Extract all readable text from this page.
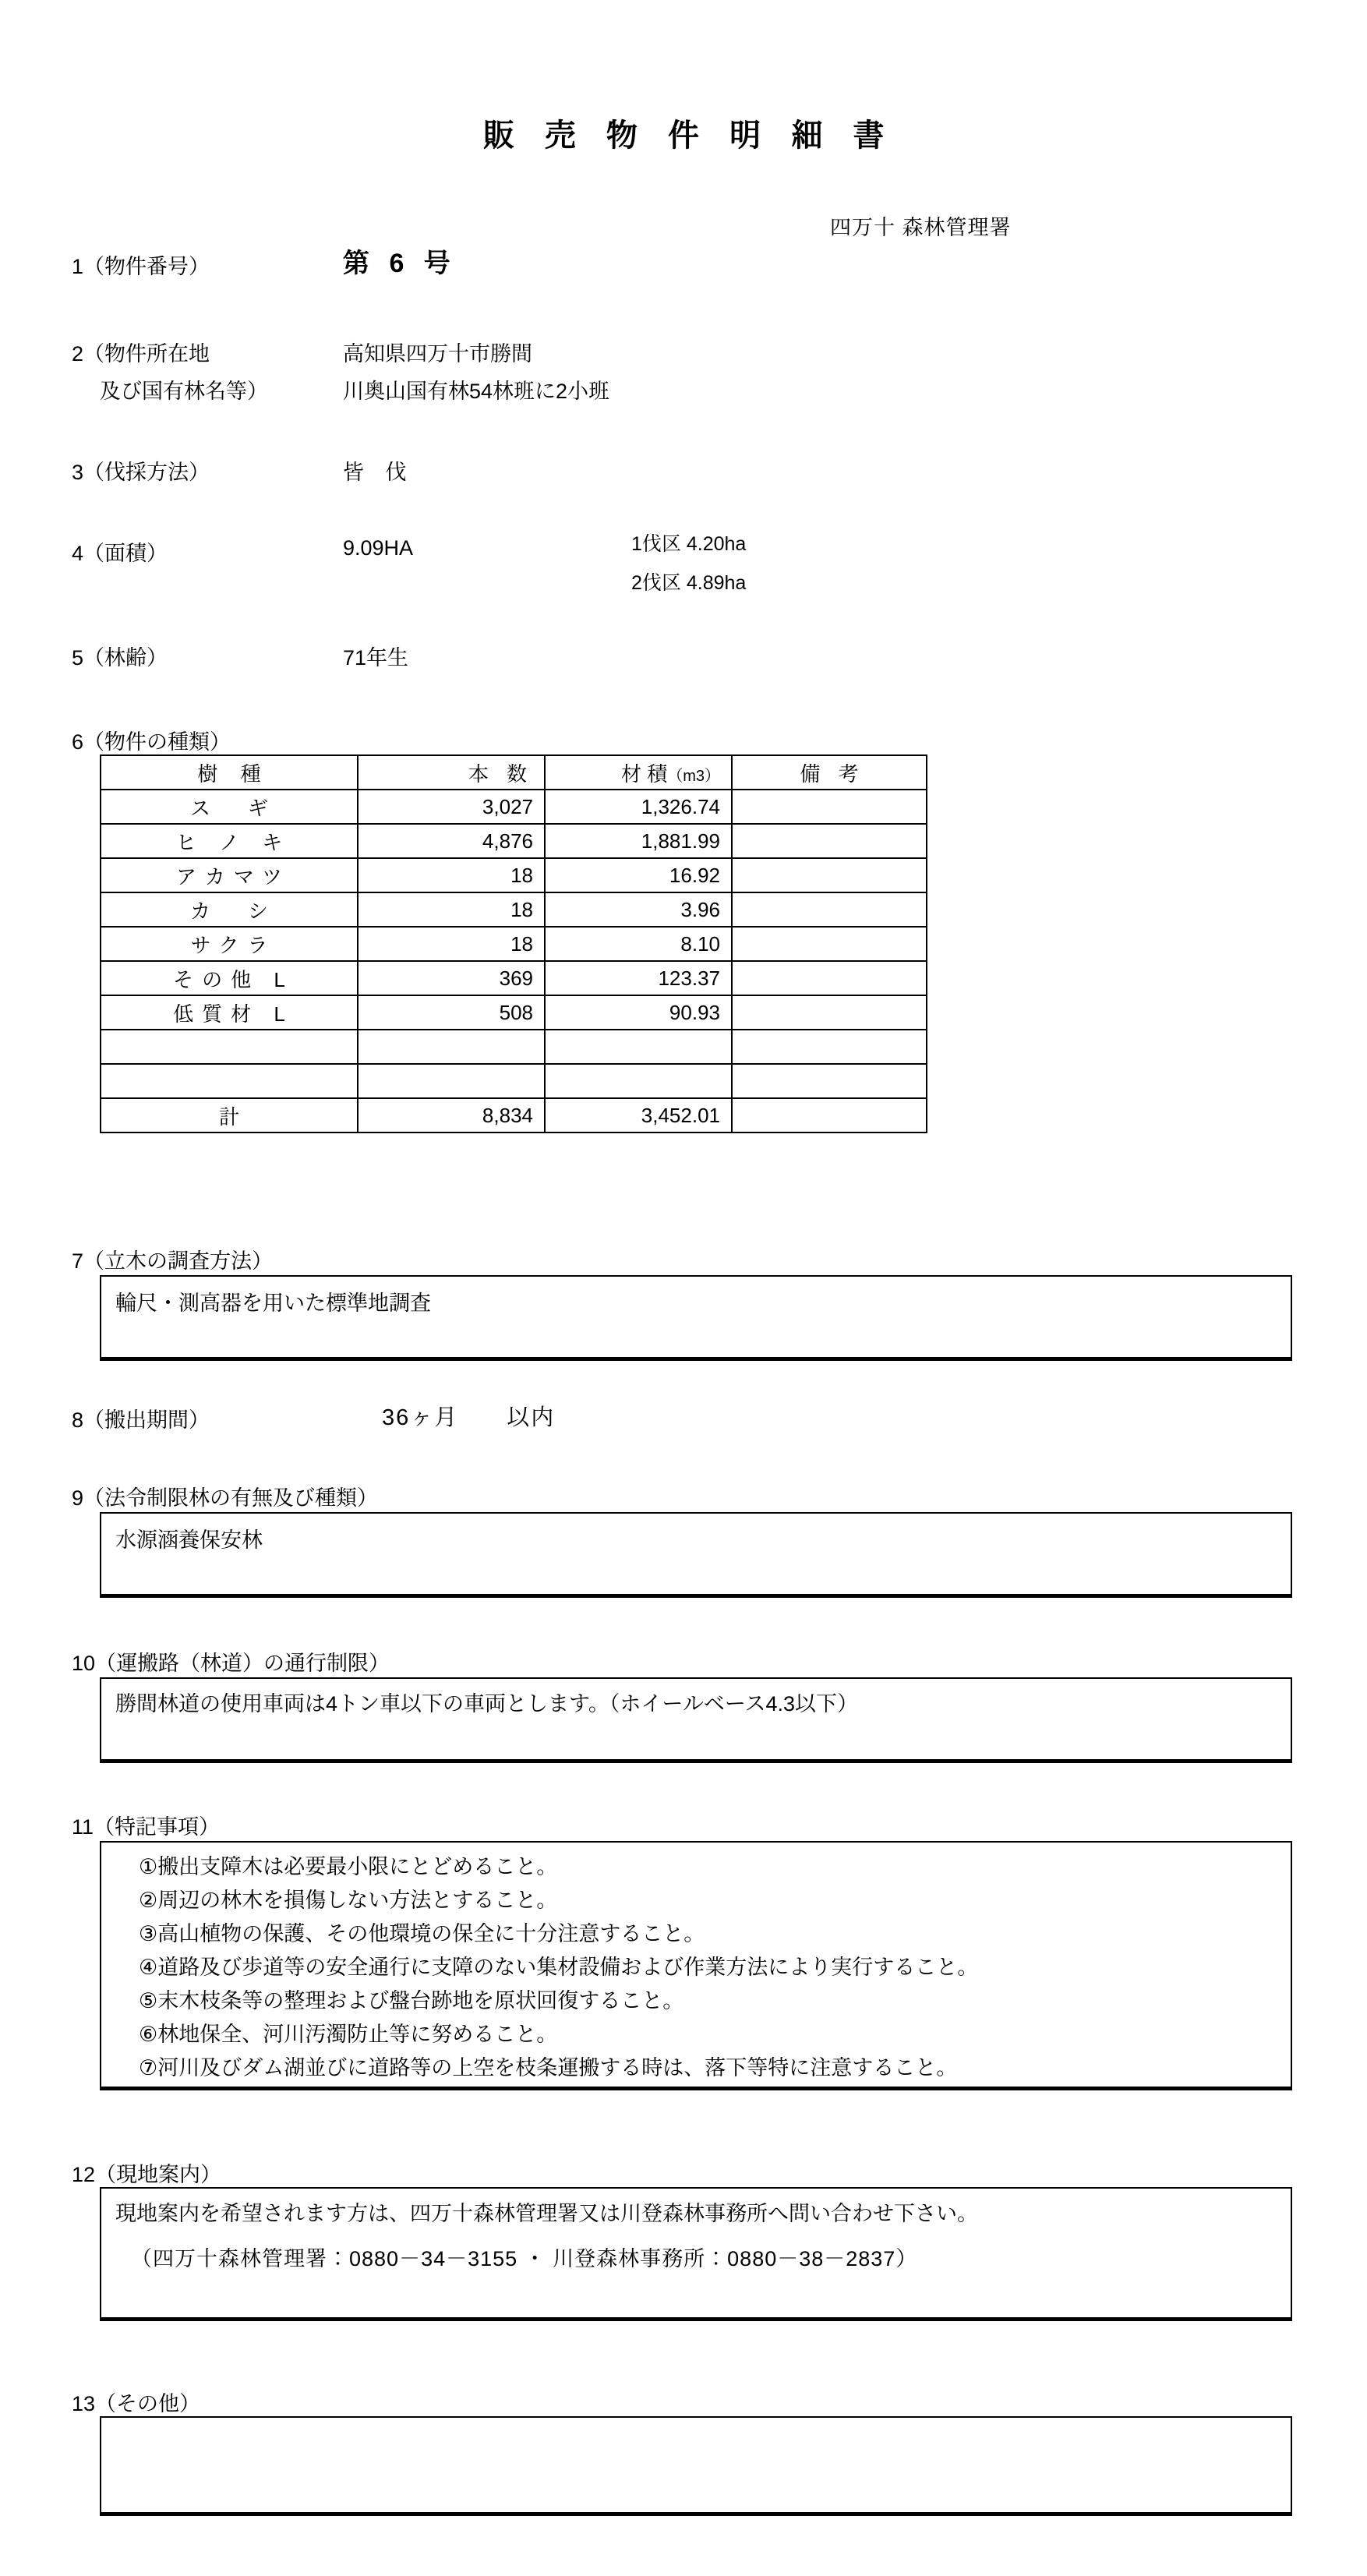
販 売 物 件 明 細 書
四万十 森林管理署
1（物件番号）	第 6 号
2（物件所在地
及び国有林名等）
高知県四万十市勝間
川奥山国有林54林班に2小班
3（伐採方法）	皆 伐
4（面積）	9.09HA	1伐区 4.20ha
2伐区 4.89ha
5（林齢）	71年生
6（物件の種類）
樹 種	本 数	材 積（m3）	備 考
ス　ギ	3,027	1,326.74	
ヒ ノ キ	4,876	1,881.99	
アカマツ	18	16.92	
カ　シ	18	3.96	
サクラ	18	8.10	
その他 L	369	123.37	
低質材 L	508	90.93	

計	8,834	3,452.01	
7（立木の調査方法）
輪尺・測高器を用いた標準地調査
8（搬出期間）	36ヶ月　　以内
9（法令制限林の有無及び種類）
水源涵養保安林
10（運搬路（林道）の通行制限）
勝間林道の使用車両は4トン車以下の車両とします。（ホイールベース4.3以下）
11（特記事項）
①搬出支障木は必要最小限にとどめること。
②周辺の林木を損傷しない方法とすること。
③高山植物の保護、その他環境の保全に十分注意すること。
④道路及び歩道等の安全通行に支障のない集材設備および作業方法により実行すること。
⑤末木枝条等の整理および盤台跡地を原状回復すること。
⑥林地保全、河川汚濁防止等に努めること。
⑦河川及びダム湖並びに道路等の上空を枝条運搬する時は、落下等特に注意すること。
12（現地案内）
現地案内を希望されます方は、四万十森林管理署又は川登森林事務所へ問い合わせ下さい。
（四万十森林管理署：0880－34－3155 ・ 川登森林事務所：0880－38－2837）
13（その他）
